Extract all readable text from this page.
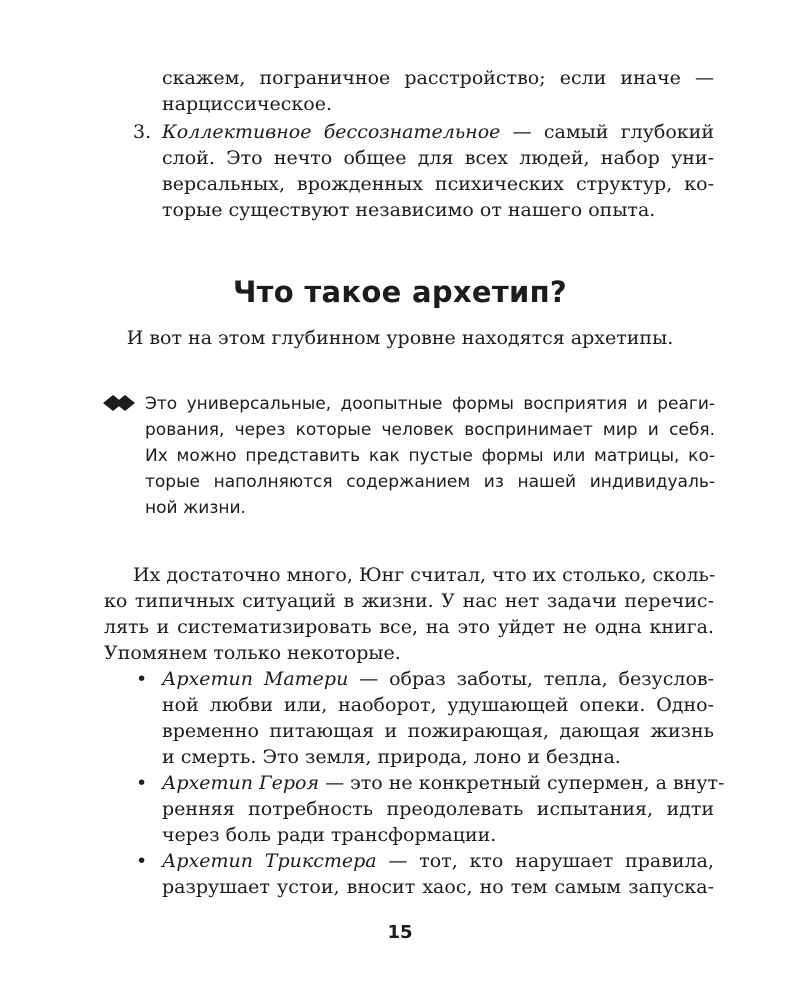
скажем, пограничное расстройство; если иначе —
нарциссическое.
3. Коллективное бессознательное — самый глубокий
слой. Это нечто общее для всех людей, набор уни-
версальных, врожденных психических структур, ко-
торые существуют независимо от нашего опыта.
Что такое архетип?
И вот на этом глубинном уровне находятся архетипы.
Это универсальные, доопытные формы восприятия и реаги-
рования, через которые человек воспринимает мир и себя.
Их можно представить как пустые формы или матрицы, ко-
торые наполняются содержанием из нашей индивидуаль-
ной жизни.
Их достаточно много, Юнг считал, что их столько, сколь-
ко типичных ситуаций в жизни. У нас нет задачи перечис-
лять и систематизировать все, на это уйдет не одна книга.
Упомянем только некоторые.
• Архетип Матери — образ заботы, тепла, безуслов-
ной любви или, наоборот, удушающей опеки. Одно-
временно питающая и пожирающая, дающая жизнь
и смерть. Это земля, природа, лоно и бездна.
• Архетип Героя — это не конкретный супермен, а внут-
ренняя потребность преодолевать испытания, идти
через боль ради трансформации.
• Архетип Трикстера — тот, кто нарушает правила,
разрушает устои, вносит хаос, но тем самым запуска-
15
